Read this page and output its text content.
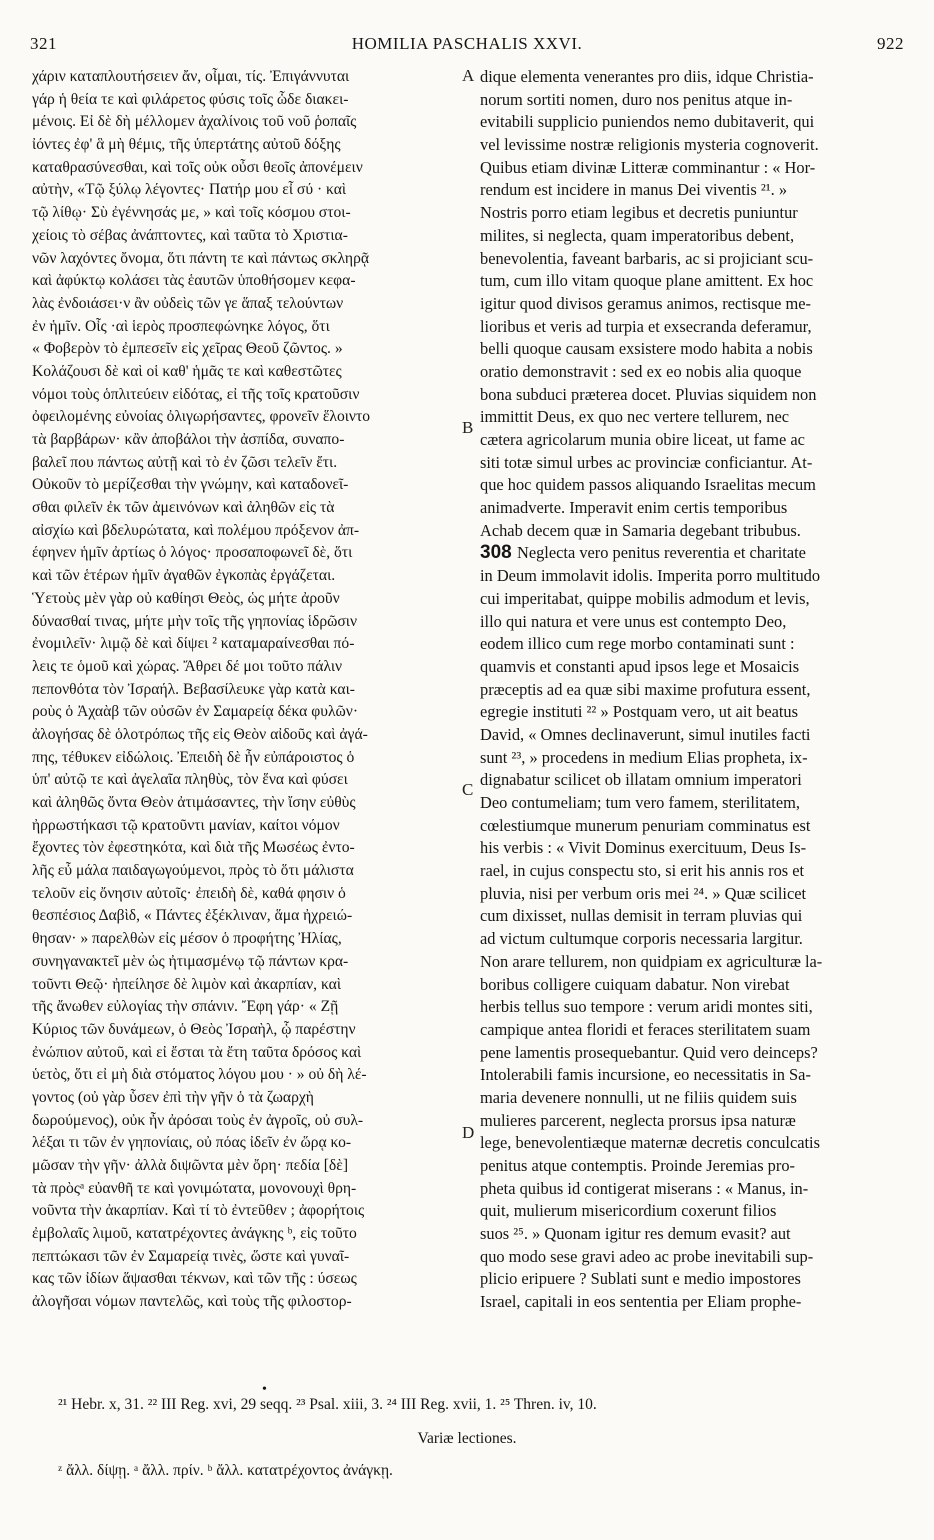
321	HOMILIA PASCHALIS XXVI.	922
χάριν καταπλουτήσειεν ἄν, οἶμαι, τίς. Ἐπιγάννυται
γάρ ἡ θεία τε καὶ φιλάρετος φύσις τοῖς ὧδε διακει-
μένοις. Εἰ δὲ δὴ μέλλομεν ἀχαλίνοις τοῦ νοῦ ῥοπαῖς
ἰόντες ἐφ' ἃ μὴ θέμις, τῆς ὑπερτάτης αὐτοῦ δόξης
καταθρασύνεσθαι, καὶ τοῖς οὐκ οὖσι θεοῖς ἀπονέμειν
αὐτὴν, «Τῷ ξύλῳ λέγοντες· Πατήρ μου εἶ σύ · καὶ
τῷ λίθῳ· Σὺ ἐγέννησάς με, » καὶ τοῖς κόσμου στοι-
χείοις τὸ σέβας ἀνάπτοντες, καὶ ταῦτα τὸ Χριστια-
νῶν λαχόντες ὄνομα, ὅτι πάντη τε καὶ πάντως σκληρᾷ
καὶ ἀφύκτῳ κολάσει τὰς ἑαυτῶν ὑποθήσομεν κεφα-
λὰς ἐνδοιάσει·ν ἂν οὐδεὶς τῶν γε ἅπαξ τελούντων
ἐν ἡμῖν. Οἷς ·αὶ ἱερὸς προσπεφώνηκε λόγος, ὅτι
« Φοβερὸν τὸ ἐμπεσεῖν εἰς χεῖρας Θεοῦ ζῶντος. »
Κολάζουσι δὲ καὶ οἱ καθ' ἡμᾶς τε καὶ καθεστῶτες
νόμοι τοὺς ὁπλιτεύειν εἰδότας, εἰ τῆς τοῖς κρατοῦσιν
ὀφειλομένης εὐνοίας ὀλιγωρήσαντες, φρονεῖν ἕλοιντο
τὰ βαρβάρων· κἂν ἀποβάλοι τὴν ἀσπίδα, συναπο-
βαλεῖ που πάντως αὐτῇ καὶ τὸ ἐν ζῶσι τελεῖν ἔτι.
Οὐκοῦν τὸ μερίζεσθαι τὴν γνώμην, καὶ καταδονεῖ-
σθαι φιλεῖν ἐκ τῶν ἀμεινόνων καὶ ἀληθῶν εἰς τὰ
αἰσχίω καὶ βδελυρώτατα, καὶ πολέμου πρόξενον ἀπ-
έφηνεν ἡμῖν ἀρτίως ὁ λόγος· προσαποφωνεῖ δὲ, ὅτι
καὶ τῶν ἑτέρων ἡμῖν ἀγαθῶν ἐγκοπὰς ἐργάζεται.
Ὑετοὺς μὲν γὰρ οὐ καθίησι Θεὸς, ὡς μήτε ἀροῦν
δύνασθαί τινας, μήτε μὴν τοῖς τῆς γηπονίας ἱδρῶσιν
ἐνομιλεῖν· λιμῷ δὲ καὶ δίψει ² καταμαραίνεσθαι πό-
λεις τε ὁμοῦ καὶ χώρας. Ἄθρει δέ μοι τοῦτο πάλιν
πεπονθότα τὸν Ἰσραήλ. Βεβασίλευκε γὰρ κατὰ και-
ροὺς ὁ Ἀχαὰβ τῶν οὐσῶν ἐν Σαμαρείᾳ δέκα φυλῶν·
ἀλογήσας δὲ ὁλοτρόπως τῆς εἰς Θεὸν αἰδοῦς καὶ ἀγά-
πης, τέθυκεν εἰδώλοις. Ἐπειδὴ δὲ ἦν εὐπάροιστος ὁ
ὑπ' αὐτῷ τε καὶ ἀγελαῖα πληθὺς, τὸν ἕνα καὶ φύσει
καὶ ἀληθῶς ὄντα Θεὸν ἀτιμάσαντες, τὴν ἴσην εὐθὺς
ἠρρωστήκασι τῷ κρατοῦντι μανίαν, καίτοι νόμον
ἔχοντες τὸν ἐφεστηκότα, καὶ διὰ τῆς Μωσέως ἐντο-
λῆς εὖ μάλα παιδαγωγούμενοι, πρὸς τὸ ὅτι μάλιστα
τελοῦν εἰς ὄνησιν αὐτοῖς· ἐπειδὴ δὲ, καθά φησιν ὁ
θεσπέσιος Δαβὶδ, « Πάντες ἐξέκλιναν, ἅμα ἠχρειώ-
θησαν· » παρελθὼν εἰς μέσον ὁ προφήτης Ἠλίας,
συνηγανακτεῖ μὲν ὡς ἠτιμασμένῳ τῷ πάντων κρα-
τοῦντι Θεῷ· ἠπείλησε δὲ λιμὸν καὶ ἀκαρπίαν, καὶ
τῆς ἄνωθεν εὐλογίας τὴν σπάνιν. Ἔφη γάρ· « Ζῇ
Κύριος τῶν δυνάμεων, ὁ Θεὸς Ἰσραὴλ, ᾧ παρέστην
ἐνώπιον αὐτοῦ, καὶ εἰ ἔσται τὰ ἔτη ταῦτα δρόσος καὶ
ὑετὸς, ὅτι εἰ μὴ διὰ στόματος λόγου μου · » οὐ δὴ λέ-
γοντος (οὐ γὰρ ὗσεν ἐπὶ τὴν γῆν ὁ τὰ ζωαρχὴ
δωρούμενος), οὐκ ἦν ἀρόσαι τοὺς ἐν ἀγροῖς, οὐ συλ-
λέξαι τι τῶν ἐν γηπονίαις, οὐ πόας ἰδεῖν ἐν ὥρᾳ κο-
μῶσαν τὴν γῆν· ἀλλὰ διψῶντα μὲν ὄρη· πεδία [δὲ]
τὰ πρὸςᵃ εὐανθῆ τε καὶ γονιμώτατα, μονονουχὶ θρη-
νοῦντα τὴν ἀκαρπίαν. Καὶ τί τὸ ἐντεῦθεν ; ἀφορήτοις
ἐμβολαῖς λιμοῦ, κατατρέχοντες ἀνάγκης ᵇ, εἰς τοῦτο
πεπτώκασι τῶν ἐν Σαμαρείᾳ τινὲς, ὥστε καὶ γυναῖ-
κας τῶν ἰδίων ἅψασθαι τέκνων, καὶ τῶν τῆς : ύσεως
ἀλογῆσαι νόμων παντελῶς, καὶ τοὺς τῆς φιλοστορ-
A
B
C
D
dique elementa venerantes pro diis, idque Christia-
norum sortiti nomen, duro nos penitus atque in-
evitabili supplicio puniendos nemo dubitaverit, qui
vel levissime nostræ religionis mysteria cognoverit.
Quibus etiam divinæ Litteræ comminantur : « Hor-
rendum est incidere in manus Dei viventis ²¹. »
Nostris porro etiam legibus et decretis puniuntur
milites, si neglecta, quam imperatoribus debent,
benevolentia, faveant barbaris, ac si projiciant scu-
tum, cum illo vitam quoque plane amittent. Ex hoc
igitur quod divisos geramus animos, rectisque me-
lioribus et veris ad turpia et exsecranda deferamur,
belli quoque causam exsistere modo habita a nobis
oratio demonstravit : sed ex eo nobis alia quoque
bona subduci præterea docet. Pluvias siquidem non
immittit Deus, ex quo nec vertere tellurem, nec
cætera agricolarum munia obire liceat, ut fame ac
siti totæ simul urbes ac provinciæ conficiantur. At-
que hoc quidem passos aliquando Israelitas mecum
animadverte. Imperavit enim certis temporibus
Achab decem quæ in Samaria degebant tribubus.
308 Neglecta vero penitus reverentia et charitate
in Deum immolavit idolis. Imperita porro multitudo
cui imperitabat, quippe mobilis admodum et levis,
illo qui natura et vere unus est contempto Deo,
eodem illico cum rege morbo contaminati sunt :
quamvis et constanti apud ipsos lege et Mosaicis
præceptis ad ea quæ sibi maxime profutura essent,
egregie instituti ²² » Postquam vero, ut ait beatus
David, « Omnes declinaverunt, simul inutiles facti
sunt ²³, » procedens in medium Elias propheta, ix-
dignabatur scilicet ob illatam omnium imperatori
Deo contumeliam; tum vero famem, sterilitatem,
cœlestiumque munerum penuriam comminatus est
his verbis : « Vivit Dominus exercituum, Deus Is-
rael, in cujus conspectu sto, si erit his annis ros et
pluvia, nisi per verbum oris mei ²⁴. » Quæ scilicet
cum dixisset, nullas demisit in terram pluvias qui
ad victum cultumque corporis necessaria largitur.
Non arare tellurem, non quidpiam ex agriculturæ la-
boribus colligere cuiquam dabatur. Non virebat
herbis tellus suo tempore : verum aridi montes siti,
campique antea floridi et feraces sterilitatem suam
pene lamentis prosequebantur. Quid vero deinceps?
Intolerabili famis incursione, eo necessitatis in Sa-
maria devenere nonnulli, ut ne filiis quidem suis
mulieres parcerent, neglecta prorsus ipsa naturæ
lege, benevolentiæque maternæ decretis conculcatis
penitus atque contemptis. Proinde Jeremias pro-
pheta quibus id contigerat miserans : « Manus, in-
quit, mulierum misericordium coxerunt filios
suos ²⁵. » Quonam igitur res demum evasit? aut
quo modo sese gravi adeo ac probe inevitabili sup-
plicio eripuere ? Sublati sunt e medio impostores
Israel, capitali in eos sententia per Eliam prophe-
•
²¹ Hebr. x, 31. ²² III Reg. xvi, 29 seqq. ²³ Psal. xiii, 3. ²⁴ III Reg. xvii, 1. ²⁵ Thren. iv, 10.
Variæ lectiones.
ᶻ ἄλλ. δίψῃ. ᵃ ἄλλ. πρίν. ᵇ ἄλλ. κατατρέχοντος ἀνάγκῃ.
